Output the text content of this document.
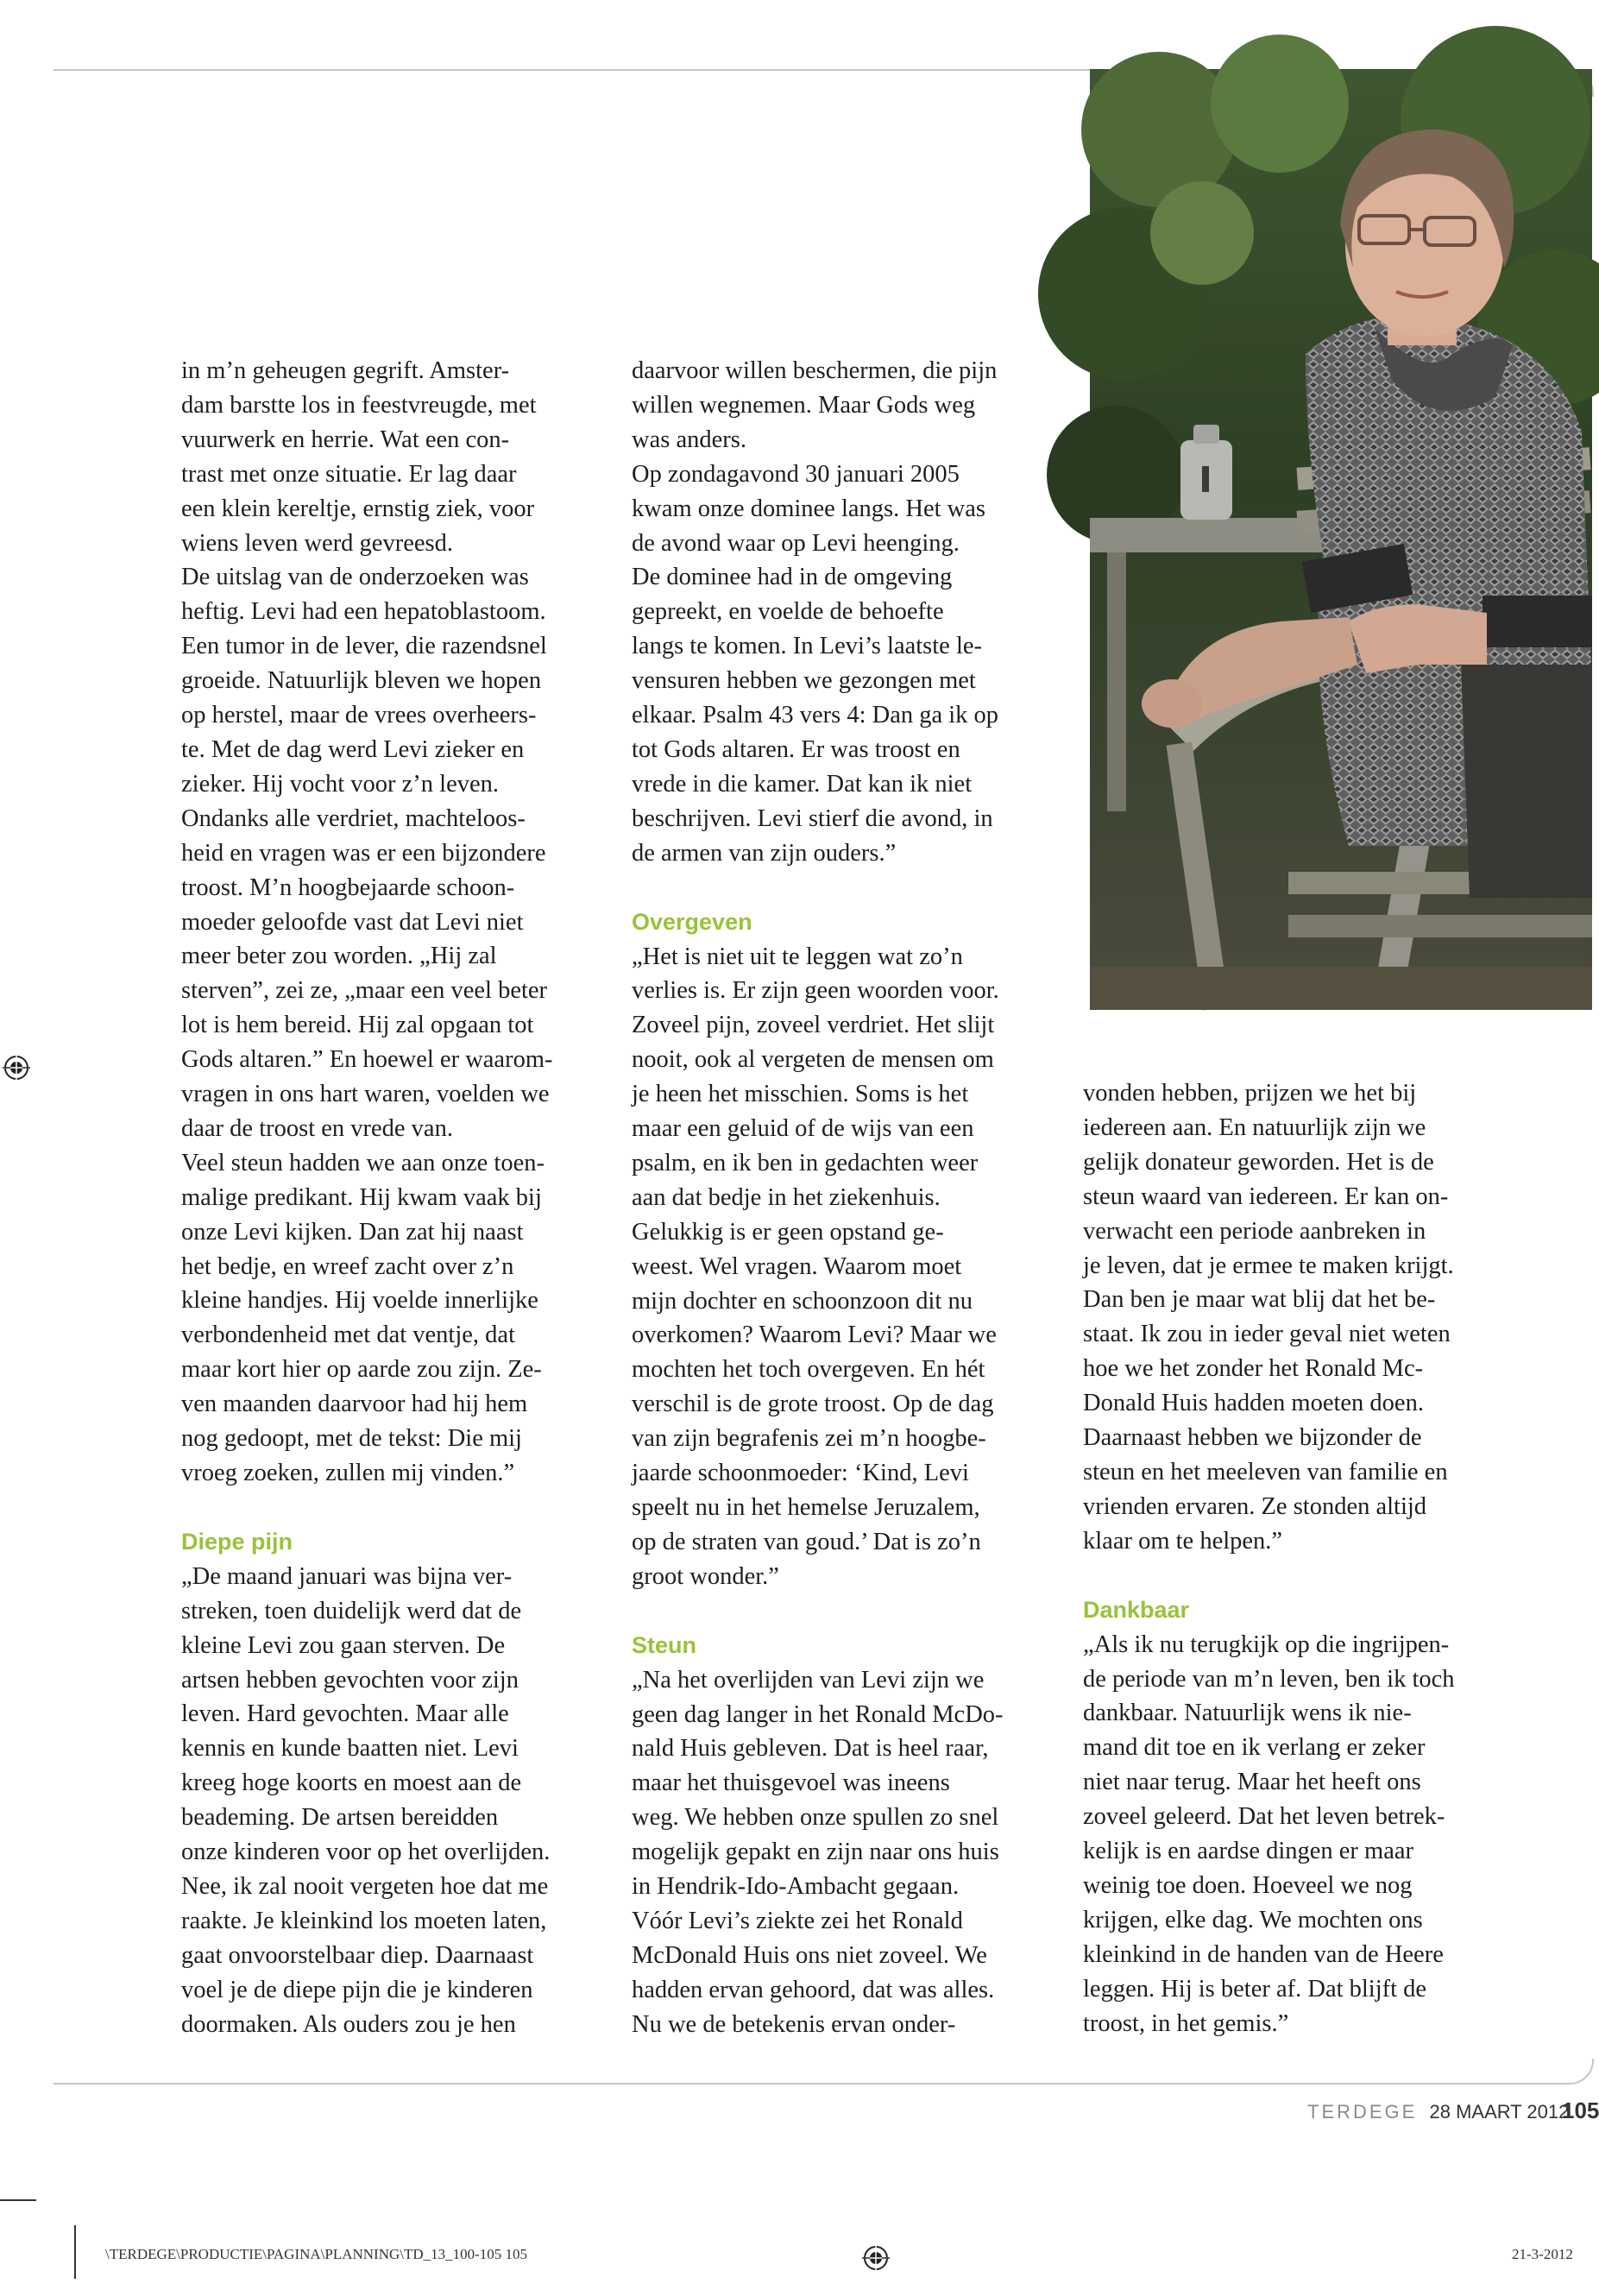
in m’n geheugen gegrift. Amster-
dam barstte los in feestvreugde, met
vuurwerk en herrie. Wat een con-
trast met onze situatie. Er lag daar
een klein kereltje, ernstig ziek, voor
wiens leven werd gevreesd.

De uitslag van de onderzoeken was
heftig. Levi had een hepatoblastoom.
Een tumor in de lever, die razendsnel
groeide. Natuurlijk bleven we hopen
op herstel, maar de vrees overheers-
te. Met de dag werd Levi zieker en
zieker. Hij vocht voor z’n leven.
Ondanks alle verdriet, machteloos-
heid en vragen was er een bijzondere
troost. M’n hoogbejaarde schoon-
moeder geloofde vast dat Levi niet
meer beter zou worden. „Hij zal
sterven”, zei ze, „maar een veel beter
lot is hem bereid. Hij zal opgaan tot
Gods altaren.” En hoewel er waarom-
vragen in ons hart waren, voelden we
daar de troost en vrede van.

Veel steun hadden we aan onze toen-
malige predikant. Hij kwam vaak bij
onze Levi kijken. Dan zat hij naast
het bedje, en wreef zacht over z’n
kleine handjes. Hij voelde innerlijke
verbondenheid met dat ventje, dat
maar kort hier op aarde zou zijn. Ze-
ven maanden daarvoor had hij hem
nog gedoopt, met de tekst: Die mij
vroeg zoeken, zullen mij vinden.”

Diepe pijn

„De maand januari was bijna ver-
streken, toen duidelijk werd dat de
kleine Levi zou gaan sterven. De
artsen hebben gevochten voor zijn
leven. Hard gevochten. Maar alle
kennis en kunde baatten niet. Levi
kreeg hoge koorts en moest aan de
beademing. De artsen bereidden
onze kinderen voor op het overlijden.
Nee, ik zal nooit vergeten hoe dat me
raakte. Je kleinkind los moeten laten,
gaat onvoorstelbaar diep. Daarnaast
voel je de diepe pijn die je kinderen
doormaken. Als ouders zou je hen

daarvoor willen beschermen, die pijn
willen wegnemen. Maar Gods weg
was anders.

Op zondagavond 30 januari 2005
kwam onze dominee langs. Het was
de avond waar op Levi heenging.

De dominee had in de omgeving
gepreekt, en voelde de behoefte
langs te komen. In Levi’s laatste le-
vensuren hebben we gezongen met
elkaar. Psalm 43 vers 4: Dan ga ik op
tot Gods altaren. Er was troost en
vrede in die kamer. Dat kan ik niet
beschrijven. Levi stierf die avond, in
de armen van zijn ouders.”

Overgeven

„Het is niet uit te leggen wat zo’n
verlies is. Er zijn geen woorden voor.
Zoveel pijn, zoveel verdriet. Het slijt
nooit, ook al vergeten de mensen om
je heen het misschien. Soms is het
maar een geluid of de wijs van een
psalm, en ik ben in gedachten weer
aan dat bedje in het ziekenhuis.
Gelukkig is er geen opstand ge-
weest. Wel vragen. Waarom moet
mijn dochter en schoonzoon dit nu
overkomen? Waarom Levi? Maar we
mochten het toch overgeven. En hét
verschil is de grote troost. Op de dag
van zijn begrafenis zei m’n hoogbe-
jaarde schoonmoeder: ‘Kind, Levi
speelt nu in het hemelse Jeruzalem,
op de straten van goud.’ Dat is zo’n
groot wonder.”

Steun

„Na het overlijden van Levi zijn we
geen dag langer in het Ronald McDo-
nald Huis gebleven. Dat is heel raar,
maar het thuisgevoel was ineens
weg. We hebben onze spullen zo snel
mogelijk gepakt en zijn naar ons huis
in Hendrik-Ido-Ambacht gegaan.
Vóór Levi’s ziekte zei het Ronald
McDonald Huis ons niet zoveel. We
hadden ervan gehoord, dat was alles.
Nu we de betekenis ervan onder-

vonden hebben, prijzen we het bij
iedereen aan. En natuurlijk zijn we
gelijk donateur geworden. Het is de
steun waard van iedereen. Er kan on-
verwacht een periode aanbreken in
je leven, dat je ermee te maken krijgt.
Dan ben je maar wat blij dat het be-
staat. Ik zou in ieder geval niet weten
hoe we het zonder het Ronald Mc-
Donald Huis hadden moeten doen.
Daarnaast hebben we bijzonder de
steun en het meeleven van familie en
vrienden ervaren. Ze stonden altijd
klaar om te helpen.”

Dankbaar

„Als ik nu terugkijk op die ingrijpen-
de periode van m’n leven, ben ik toch
dankbaar. Natuurlijk wens ik nie-
mand dit toe en ik verlang er zeker
niet naar terug. Maar het heeft ons
zoveel geleerd. Dat het leven betrek-
kelijk is en aardse dingen er maar
weinig toe doen. Hoeveel we nog
krijgen, elke dag. We mochten ons
kleinkind in de handen van de Heere
leggen. Hij is beter af. Dat blijft de
troost, in het gemis.”

TERDEGE 28 MAART 2012
105
\TERDEGE\PRODUCTIE\PAGINA\PLANNING\TD_13_100-105 105	21-3-2012
